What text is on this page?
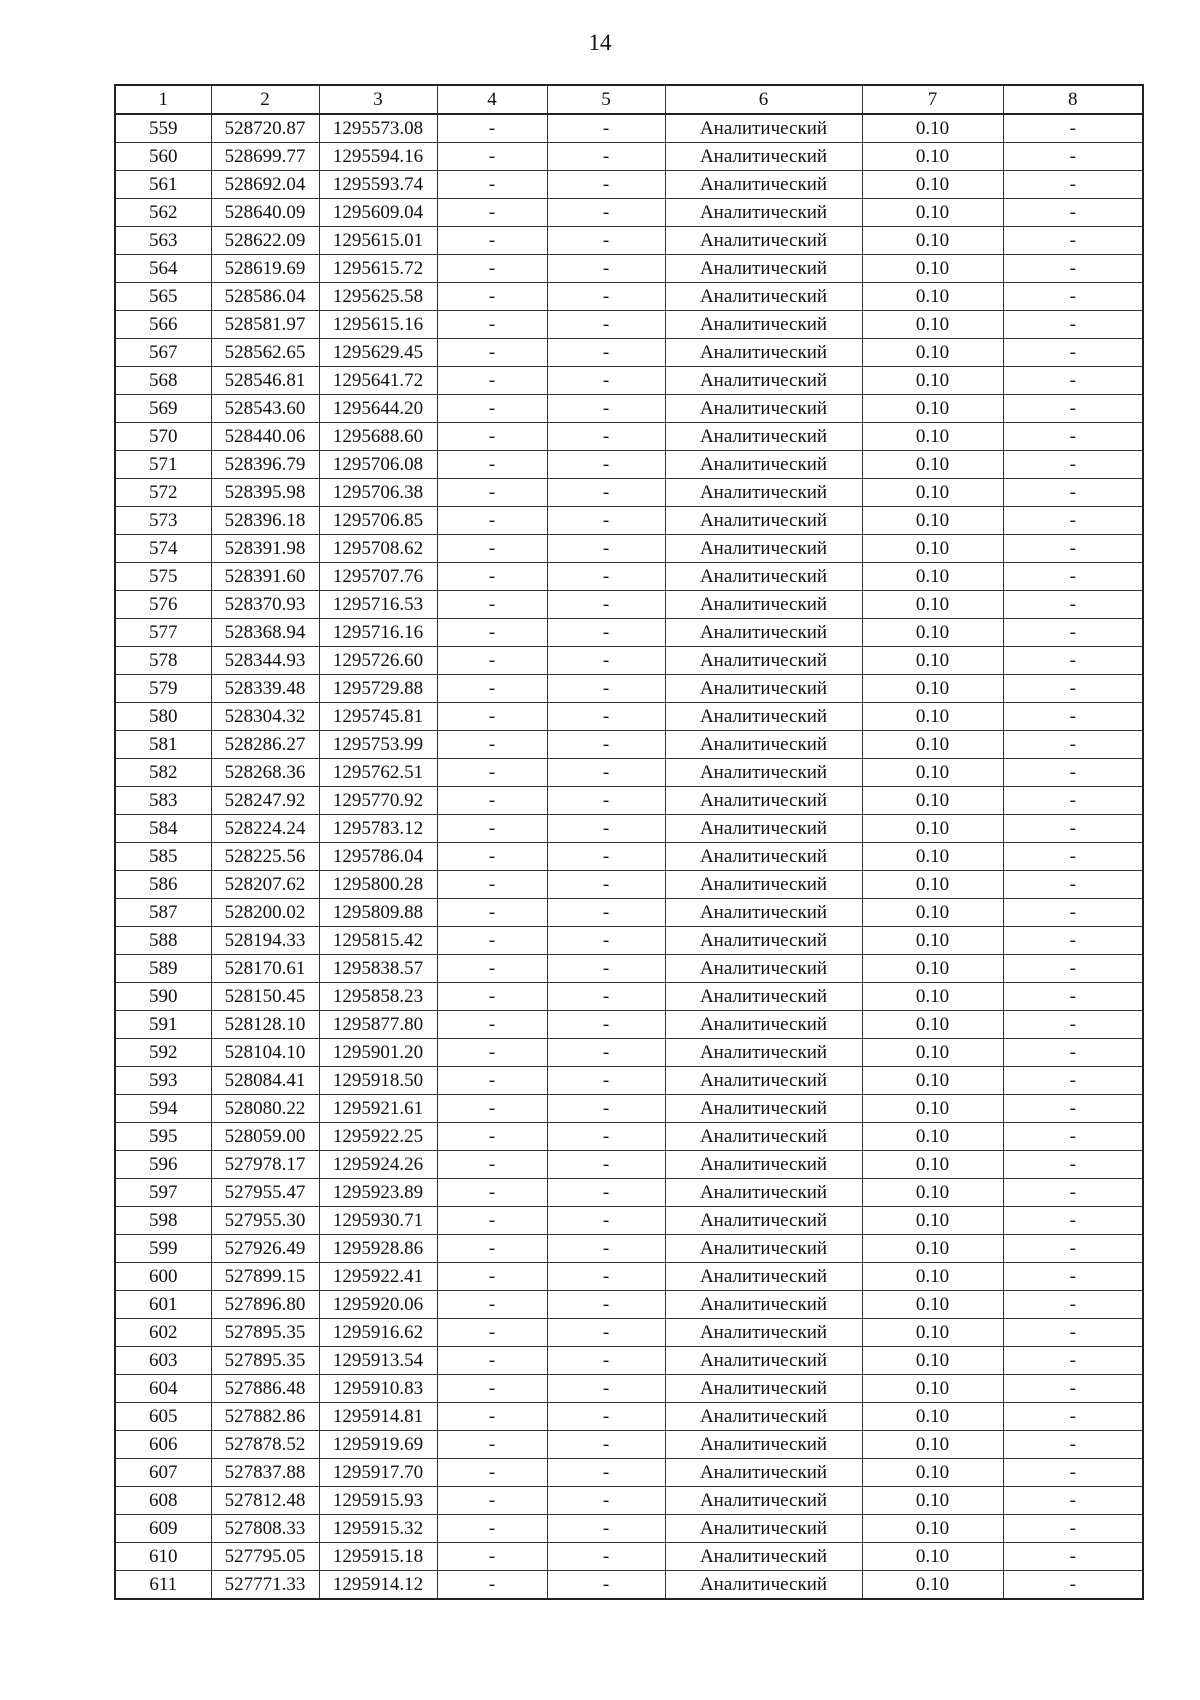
14
1	2	3	4	5	6	7	8
559	528720.87	1295573.08	-	-	Аналитический	0.10	-
560	528699.77	1295594.16	-	-	Аналитический	0.10	-
561	528692.04	1295593.74	-	-	Аналитический	0.10	-
562	528640.09	1295609.04	-	-	Аналитический	0.10	-
563	528622.09	1295615.01	-	-	Аналитический	0.10	-
564	528619.69	1295615.72	-	-	Аналитический	0.10	-
565	528586.04	1295625.58	-	-	Аналитический	0.10	-
566	528581.97	1295615.16	-	-	Аналитический	0.10	-
567	528562.65	1295629.45	-	-	Аналитический	0.10	-
568	528546.81	1295641.72	-	-	Аналитический	0.10	-
569	528543.60	1295644.20	-	-	Аналитический	0.10	-
570	528440.06	1295688.60	-	-	Аналитический	0.10	-
571	528396.79	1295706.08	-	-	Аналитический	0.10	-
572	528395.98	1295706.38	-	-	Аналитический	0.10	-
573	528396.18	1295706.85	-	-	Аналитический	0.10	-
574	528391.98	1295708.62	-	-	Аналитический	0.10	-
575	528391.60	1295707.76	-	-	Аналитический	0.10	-
576	528370.93	1295716.53	-	-	Аналитический	0.10	-
577	528368.94	1295716.16	-	-	Аналитический	0.10	-
578	528344.93	1295726.60	-	-	Аналитический	0.10	-
579	528339.48	1295729.88	-	-	Аналитический	0.10	-
580	528304.32	1295745.81	-	-	Аналитический	0.10	-
581	528286.27	1295753.99	-	-	Аналитический	0.10	-
582	528268.36	1295762.51	-	-	Аналитический	0.10	-
583	528247.92	1295770.92	-	-	Аналитический	0.10	-
584	528224.24	1295783.12	-	-	Аналитический	0.10	-
585	528225.56	1295786.04	-	-	Аналитический	0.10	-
586	528207.62	1295800.28	-	-	Аналитический	0.10	-
587	528200.02	1295809.88	-	-	Аналитический	0.10	-
588	528194.33	1295815.42	-	-	Аналитический	0.10	-
589	528170.61	1295838.57	-	-	Аналитический	0.10	-
590	528150.45	1295858.23	-	-	Аналитический	0.10	-
591	528128.10	1295877.80	-	-	Аналитический	0.10	-
592	528104.10	1295901.20	-	-	Аналитический	0.10	-
593	528084.41	1295918.50	-	-	Аналитический	0.10	-
594	528080.22	1295921.61	-	-	Аналитический	0.10	-
595	528059.00	1295922.25	-	-	Аналитический	0.10	-
596	527978.17	1295924.26	-	-	Аналитический	0.10	-
597	527955.47	1295923.89	-	-	Аналитический	0.10	-
598	527955.30	1295930.71	-	-	Аналитический	0.10	-
599	527926.49	1295928.86	-	-	Аналитический	0.10	-
600	527899.15	1295922.41	-	-	Аналитический	0.10	-
601	527896.80	1295920.06	-	-	Аналитический	0.10	-
602	527895.35	1295916.62	-	-	Аналитический	0.10	-
603	527895.35	1295913.54	-	-	Аналитический	0.10	-
604	527886.48	1295910.83	-	-	Аналитический	0.10	-
605	527882.86	1295914.81	-	-	Аналитический	0.10	-
606	527878.52	1295919.69	-	-	Аналитический	0.10	-
607	527837.88	1295917.70	-	-	Аналитический	0.10	-
608	527812.48	1295915.93	-	-	Аналитический	0.10	-
609	527808.33	1295915.32	-	-	Аналитический	0.10	-
610	527795.05	1295915.18	-	-	Аналитический	0.10	-
611	527771.33	1295914.12	-	-	Аналитический	0.10	-
